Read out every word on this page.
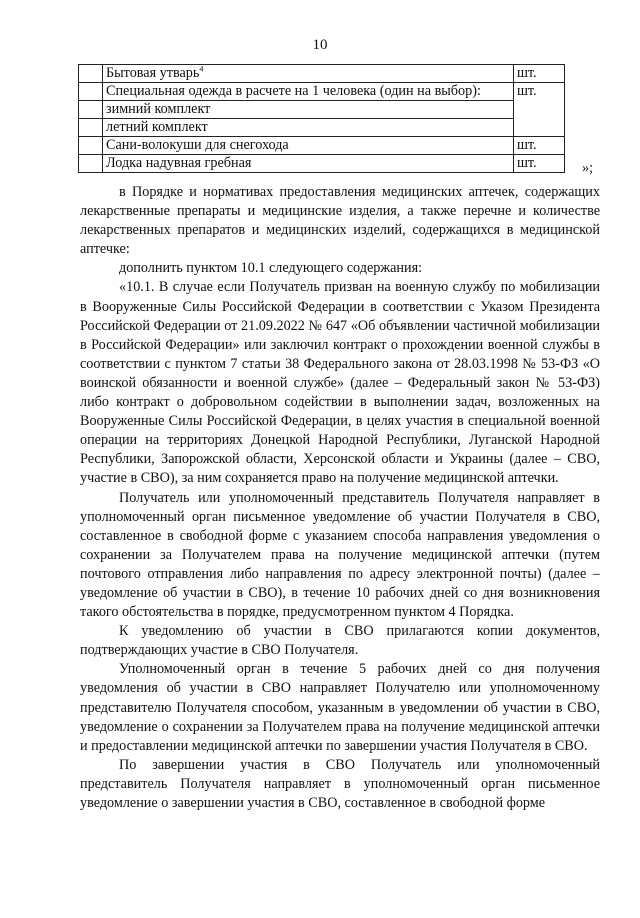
10
	Бытовая утварь$^4$	шт.
	Специальная одежда в расчете на 1 человека (один на выбор):	шт.
	зимний комплект	
	летний комплект	
	Сани-волокуши для снегохода	шт.
	Лодка надувная гребная	шт.	»;

в Порядке и нормативах предоставления медицинских аптечек, содержащих лекарственные препараты и медицинские изделия, а также перечне и количестве лекарственных препаратов и медицинских изделий, содержащихся в медицинской аптечке:

дополнить пунктом 10.1 следующего содержания:

«10.1. В случае если Получатель призван на военную службу по мобилизации в Вооруженные Силы Российской Федерации в соответствии с Указом Президента Российской Федерации от 21.09.2022 № 647 «Об объявлении частичной мобилизации в Российской Федерации» или заключил контракт о прохождении военной службы в соответствии с пунктом 7 статьи 38 Федерального закона от 28.03.1998 № 53-ФЗ «О воинской обязанности и военной службе» (далее – Федеральный закон № 53-ФЗ) либо контракт о добровольном содействии в выполнении задач, возложенных на Вооруженные Силы Российской Федерации, в целях участия в специальной военной операции на территориях Донецкой Народной Республики, Луганской Народной Республики, Запорожской области, Херсонской области и Украины (далее – СВО, участие в СВО), за ним сохраняется право на получение медицинской аптечки.

Получатель или уполномоченный представитель Получателя направляет в уполномоченный орган письменное уведомление об участии Получателя в СВО, составленное в свободной форме с указанием способа направления уведомления о сохранении за Получателем права на получение медицинской аптечки (путем почтового отправления либо направления по адресу электронной почты) (далее – уведомление об участии в СВО), в течение 10 рабочих дней со дня возникновения такого обстоятельства в порядке, предусмотренном пунктом 4 Порядка.

К уведомлению об участии в СВО прилагаются копии документов, подтверждающих участие в СВО Получателя.

Уполномоченный орган в течение 5 рабочих дней со дня получения уведомления об участии в СВО направляет Получателю или уполномоченному представителю Получателя способом, указанным в уведомлении об участии в СВО, уведомление о сохранении за Получателем права на получение медицинской аптечки и предоставлении медицинской аптечки по завершении участия Получателя в СВО.

По завершении участия в СВО Получатель или уполномоченный представитель Получателя направляет в уполномоченный орган письменное уведомление о завершении участия в СВО, составленное в свободной форме
